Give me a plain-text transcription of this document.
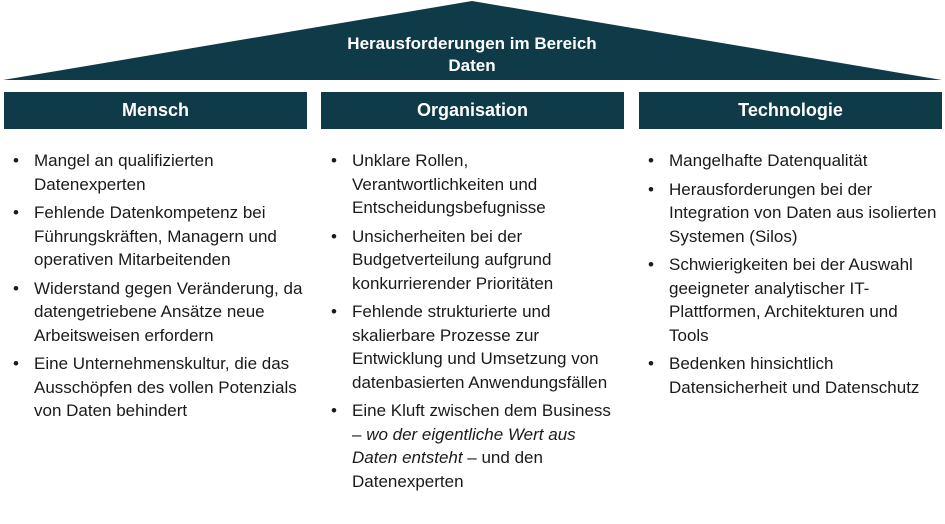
Herausforderungen im Bereich
Daten
Mensch
• Mangel an qualifizierten Datenexperten
• Fehlende Datenkompetenz bei Führungskräften, Managern und operativen Mitarbeitenden
• Widerstand gegen Veränderung, da datengetriebene Ansätze neue Arbeitsweisen erfordern
• Eine Unternehmenskultur, die das Ausschöpfen des vollen Potenzials von Daten behindert
Organisation
• Unklare Rollen, Verantwortlichkeiten und Entscheidungsbefugnisse
• Unsicherheiten bei der Budgetverteilung aufgrund konkurrierender Prioritäten
• Fehlende strukturierte und skalierbare Prozesse zur Entwicklung und Umsetzung von datenbasierten Anwendungsfällen
• Eine Kluft zwischen dem Business – wo der eigentliche Wert aus Daten entsteht – und den Datenexperten
Technologie
• Mangelhafte Datenqualität
• Herausforderungen bei der Integration von Daten aus isolierten Systemen (Silos)
• Schwierigkeiten bei der Auswahl geeigneter analytischer IT-Plattformen, Architekturen und Tools
• Bedenken hinsichtlich Datensicherheit und Datenschutz
